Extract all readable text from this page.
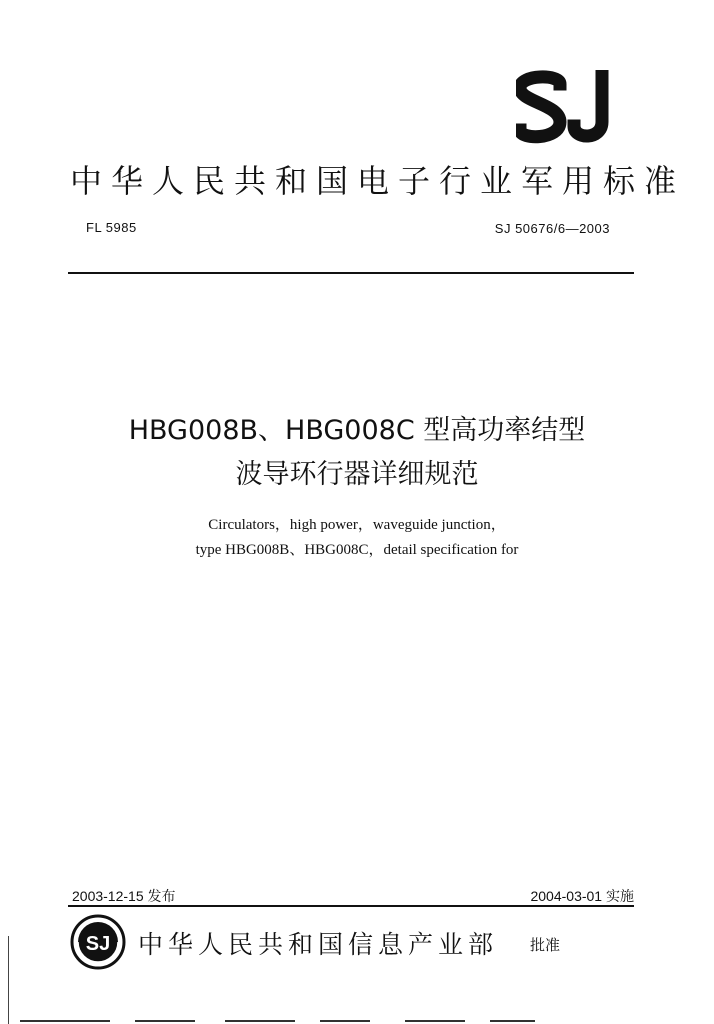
中华人民共和国电子行业军用标准
FL 5985	SJ 50676/6—2003
HBG008B、HBG008C 型高功率结型
波导环行器详细规范
Circulators，high power，waveguide junction，
type HBG008B、HBG008C，detail specification for
2003-12-15 发布	2004-03-01 实施
SJ 中华人民共和国信息产业部 批准
